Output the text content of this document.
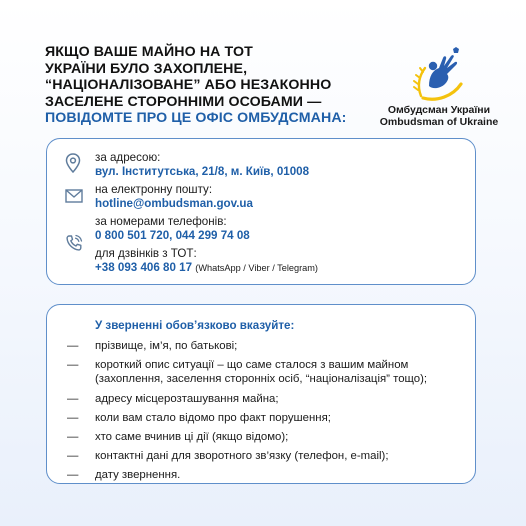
ЯКЩО ВАШЕ МАЙНО НА ТОТ
УКРАЇНИ БУЛО ЗАХОПЛЕНЕ,
“НАЦІОНАЛІЗОВАНЕ” АБО НЕЗАКОННО
ЗАСЕЛЕНЕ СТОРОННІМИ ОСОБАМИ —
ПОВІДОМТЕ ПРО ЦЕ ОФІС ОМБУДСМАНА:
Омбудсман України
Ombudsman of Ukraine
за адресою:
вул. Інститутська, 21/8, м. Київ, 01008
на електронну пошту:
hotline@ombudsman.gov.ua
за номерами телефонів:
0 800 501 720, 044 299 74 08
для дзвінків з ТОТ:
+38 093 406 80 17 (WhatsApp / Viber / Telegram)
У зверненні обов’язково вказуйте:
— прізвище, ім’я, по батькові;
— короткий опис ситуації – що саме сталося з вашим майном
(захоплення, заселення сторонніх осіб, “націоналізація” тощо);
— адресу місцерозташування майна;
— коли вам стало відомо про факт порушення;
— хто саме вчинив ці дії (якщо відомо);
— контактні дані для зворотного зв’язку (телефон, e-mail);
— дату звернення.
